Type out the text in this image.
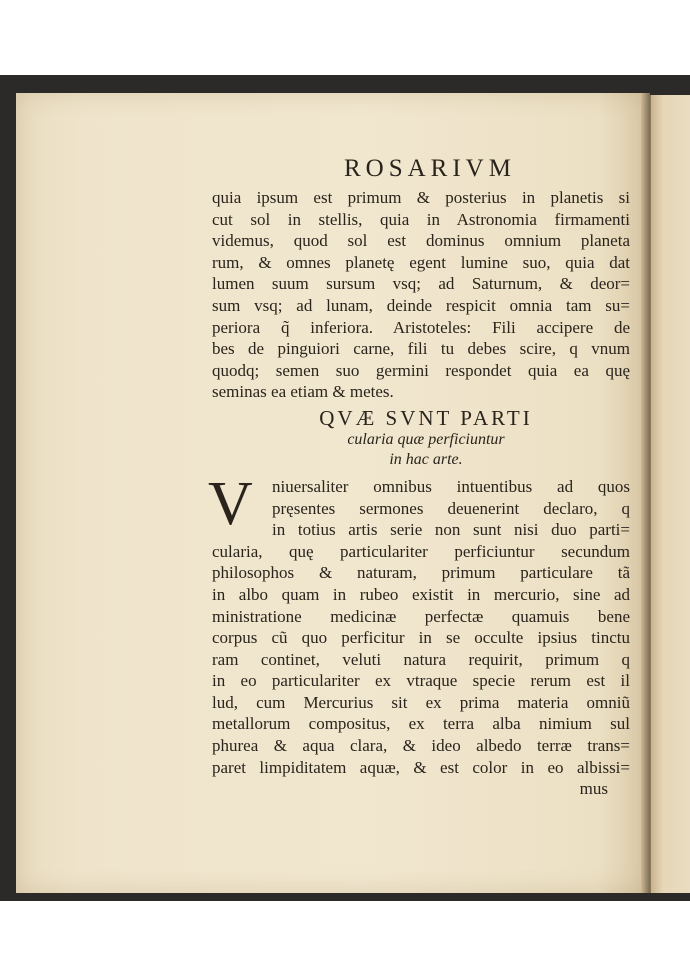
ROSARIVM
quia ipsum est primum & posterius in planetis si
cut sol in stellis, quia in Astronomia firmamenti
videmus, quod sol est dominus omnium planeta
rum, & omnes planetę egent lumine suo, quia dat
lumen suum sursum vsq; ad Saturnum, & deor=
sum vsq; ad lunam, deinde respicit omnia tam su=
periora q̃ inferiora. Aristoteles: Fili accipere de
bes de pinguiori carne, fili tu debes scire, q vnum
quodq; semen suo germini respondet quia ea quę
seminas ea etiam & metes.
QVÆ SVNT PARTI
cularia quæ perficiuntur
in hac arte.
V	niuersaliter omnibus intuentibus ad quos
pręsentes sermones deuenerint declaro, q
in totius artis serie non sunt nisi duo parti=
cularia, quę particulariter perficiuntur secundum
philosophos & naturam, primum particulare tã
in albo quam in rubeo existit in mercurio, sine ad
ministratione medicinæ perfectæ quamuis bene
corpus cũ quo perficitur in se occulte ipsius tinctu
ram continet, veluti natura requirit, primum q
in eo particulariter ex vtraque specie rerum est il
lud, cum Mercurius sit ex prima materia omniũ
metallorum compositus, ex terra alba nimium sul
phurea & aqua clara, & ideo albedo terræ trans=
paret limpiditatem aquæ, & est color in eo albissi=
mus
